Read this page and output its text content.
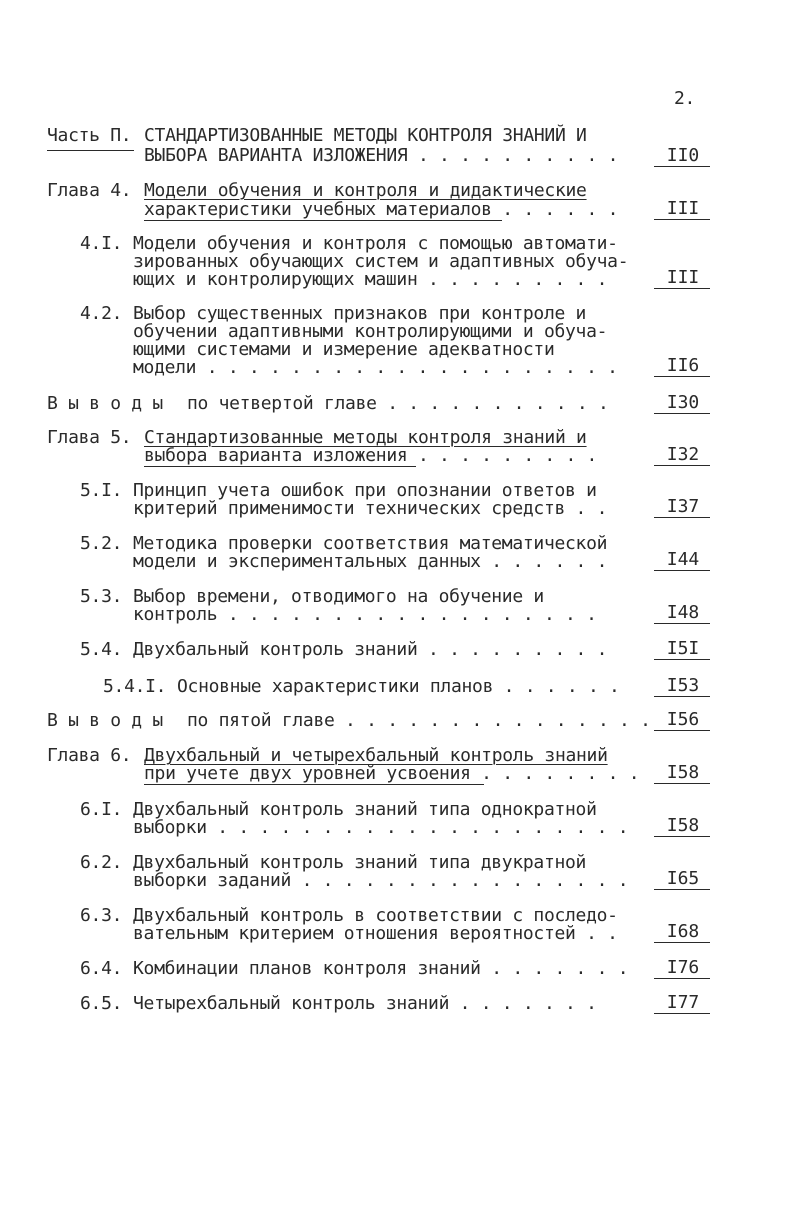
2.
Часть П. СТАНДАРТИЗОВАННЫЕ МЕТОДЫ КОНТРОЛЯ ЗНАНИЙ И
ВЫБОРА ВАРИАНТА ИЗЛОЖЕНИЯ . . . . . . . . . .	II0
Глава 4. Модели обучения и контроля и дидактические
характеристики учебных материалов . . . . . .	III
4.I. Модели обучения и контроля с помощью автомати-
зированных обучающих систем и адаптивных обуча-
ющих и контролирующих машин . . . . . . . . .	III
4.2. Выбор существенных признаков при контроле и
обучении адаптивными контролирующими и обуча-
ющими системами и измерение адекватности
модели . . . . . . . . . . . . . . . . . . . .	II6
В ы в о д ы по четвертой главе . . . . . . . . . . .	I30
Глава 5. Стандартизованные методы контроля знаний и
выбора варианта изложения . . . . . . . . .	I32
5.I. Принцип учета ошибок при опознании ответов и
критерий применимости технических средств . .	I37
5.2. Методика проверки соответствия математической
модели и экспериментальных данных . . . . . .	I44
5.3. Выбор времени, отводимого на обучение и
контроль . . . . . . . . . . . . . . . . . .	I48
5.4. Двухбальный контроль знаний . . . . . . . . .	I5I
5.4.I. Основные характеристики планов . . . . . .	I53
В ы в о д ы по пятой главе . . . . . . . . . . . . . . . I56
Глава 6. Двухбальный и четырехбальный контроль знаний
при учете двух уровней усвоения . . . . . . . .	I58
6.I. Двухбальный контроль знаний типа однократной
выборки . . . . . . . . . . . . . . . . . . . .	I58
6.2. Двухбальный контроль знаний типа двукратной
выборки заданий . . . . . . . . . . . . . . . .	I65
6.3. Двухбальный контроль в соответствии с последо-
вательным критерием отношения вероятностей . .	I68
6.4. Комбинации планов контроля знаний . . . . . . .	I76
6.5. Четырехбальный контроль знаний . . . . . . .	I77
